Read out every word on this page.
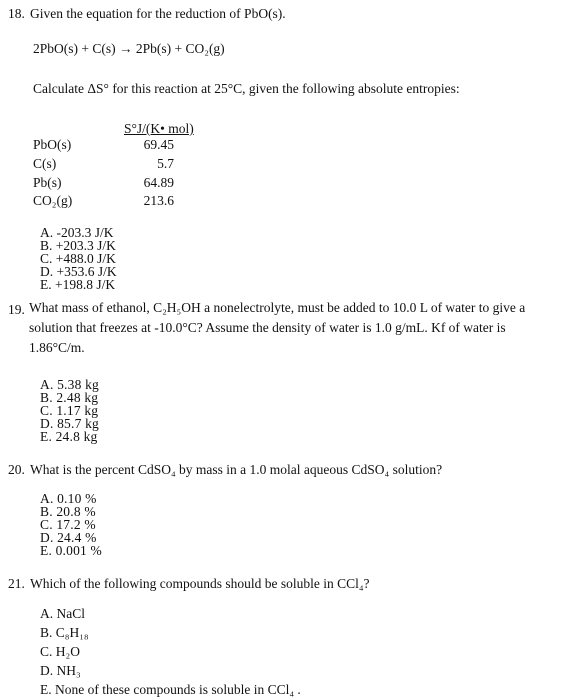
18. Given the equation for the reduction of PbO(s).
2PbO(s) + C(s) → 2Pb(s) + CO₂(g)
Calculate ΔS° for this reaction at 25°C, given the following absolute entropies:
S°J/(K• mol)
PbO(s)
C(s)
Pb(s)
CO₂(g)
69.45
5.7
64.89
213.6
A. -203.3 J/K
B. +203.3 J/K
C. +488.0 J/K
D. +353.6 J/K
E. +198.8 J/K
19. What mass of ethanol, C₂H₅OH a nonelectrolyte, must be added to 10.0 L of water to give a solution that freezes at -10.0°C? Assume the density of water is 1.0 g/mL. Kf of water is 1.86°C/m.
A. 5.38 kg
B. 2.48 kg
C. 1.17 kg
D. 85.7 kg
E. 24.8 kg
20. What is the percent CdSO₄ by mass in a 1.0 molal aqueous CdSO₄ solution?
A. 0.10 %
B. 20.8 %
C. 17.2 %
D. 24.4 %
E. 0.001 %
21. Which of the following compounds should be soluble in CCl₄?
A. NaCl
B. C₈H₁₈
C. H₂O
D. NH₃
E. None of these compounds is soluble in CCl₄ .
